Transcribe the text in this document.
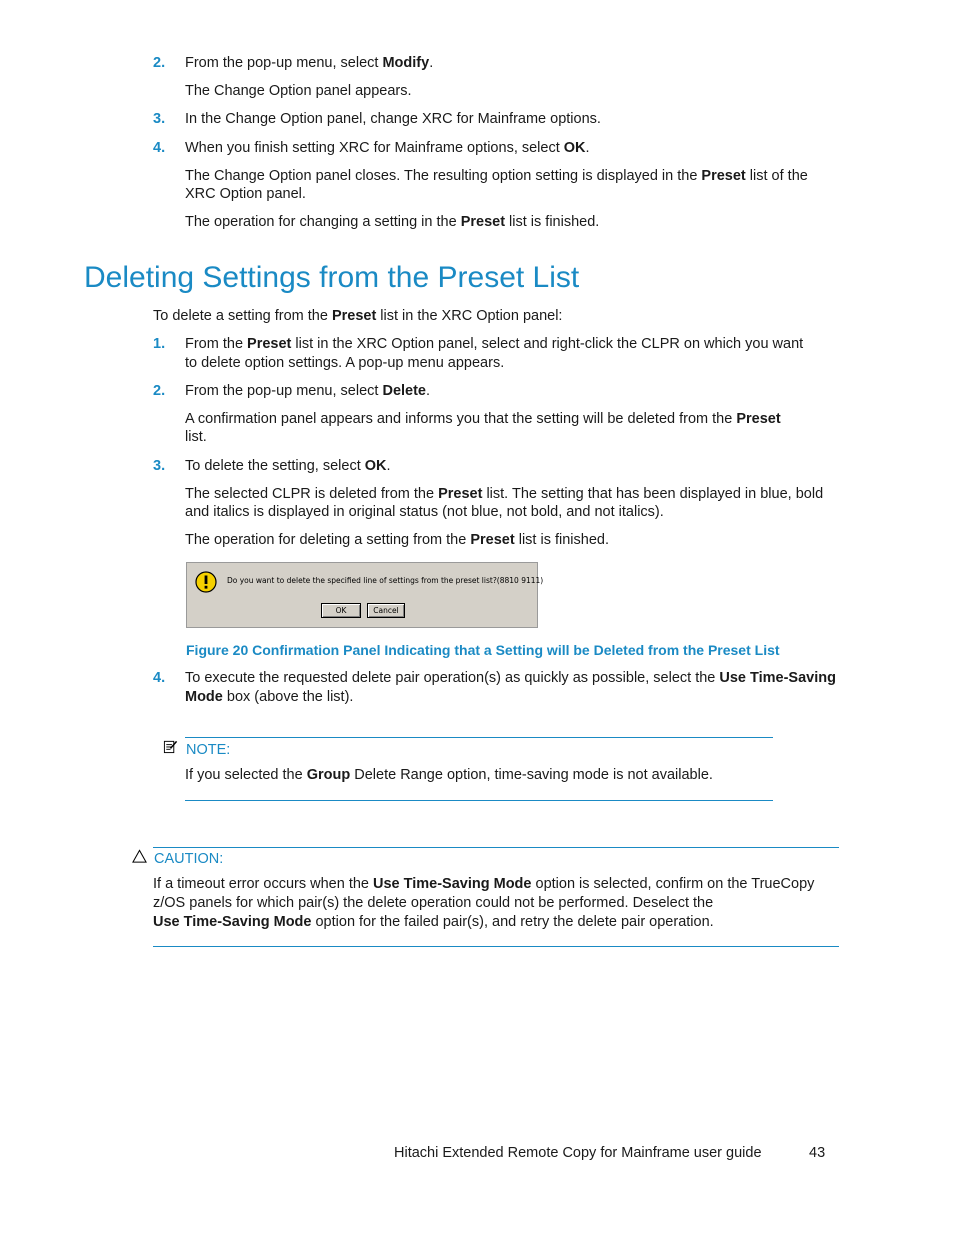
2. From the pop-up menu, select Modify.
The Change Option panel appears.
3. In the Change Option panel, change XRC for Mainframe options.
4. When you finish setting XRC for Mainframe options, select OK.
The Change Option panel closes. The resulting option setting is displayed in the Preset list of the
XRC Option panel.
The operation for changing a setting in the Preset list is finished.
Deleting Settings from the Preset List
To delete a setting from the Preset list in the XRC Option panel:
1. From the Preset list in the XRC Option panel, select and right-click the CLPR on which you want
to delete option settings. A pop-up menu appears.
2. From the pop-up menu, select Delete.
A confirmation panel appears and informs you that the setting will be deleted from the Preset
list.
3. To delete the setting, select OK.
The selected CLPR is deleted from the Preset list. The setting that has been displayed in blue, bold
and italics is displayed in original status (not blue, not bold, and not italics).
The operation for deleting a setting from the Preset list is finished.
Do you want to delete the specified line of settings from the preset list?(8810 9111)
OK	Cancel
Figure 20 Confirmation Panel Indicating that a Setting will be Deleted from the Preset List
4. To execute the requested delete pair operation(s) as quickly as possible, select the Use Time-Saving
Mode box (above the list).
NOTE:
If you selected the Group Delete Range option, time-saving mode is not available.
CAUTION:
If a timeout error occurs when the Use Time-Saving Mode option is selected, confirm on the TrueCopy
z/OS panels for which pair(s) the delete operation could not be performed. Deselect the
Use Time-Saving Mode option for the failed pair(s), and retry the delete pair operation.
Hitachi Extended Remote Copy for Mainframe user guide	43
